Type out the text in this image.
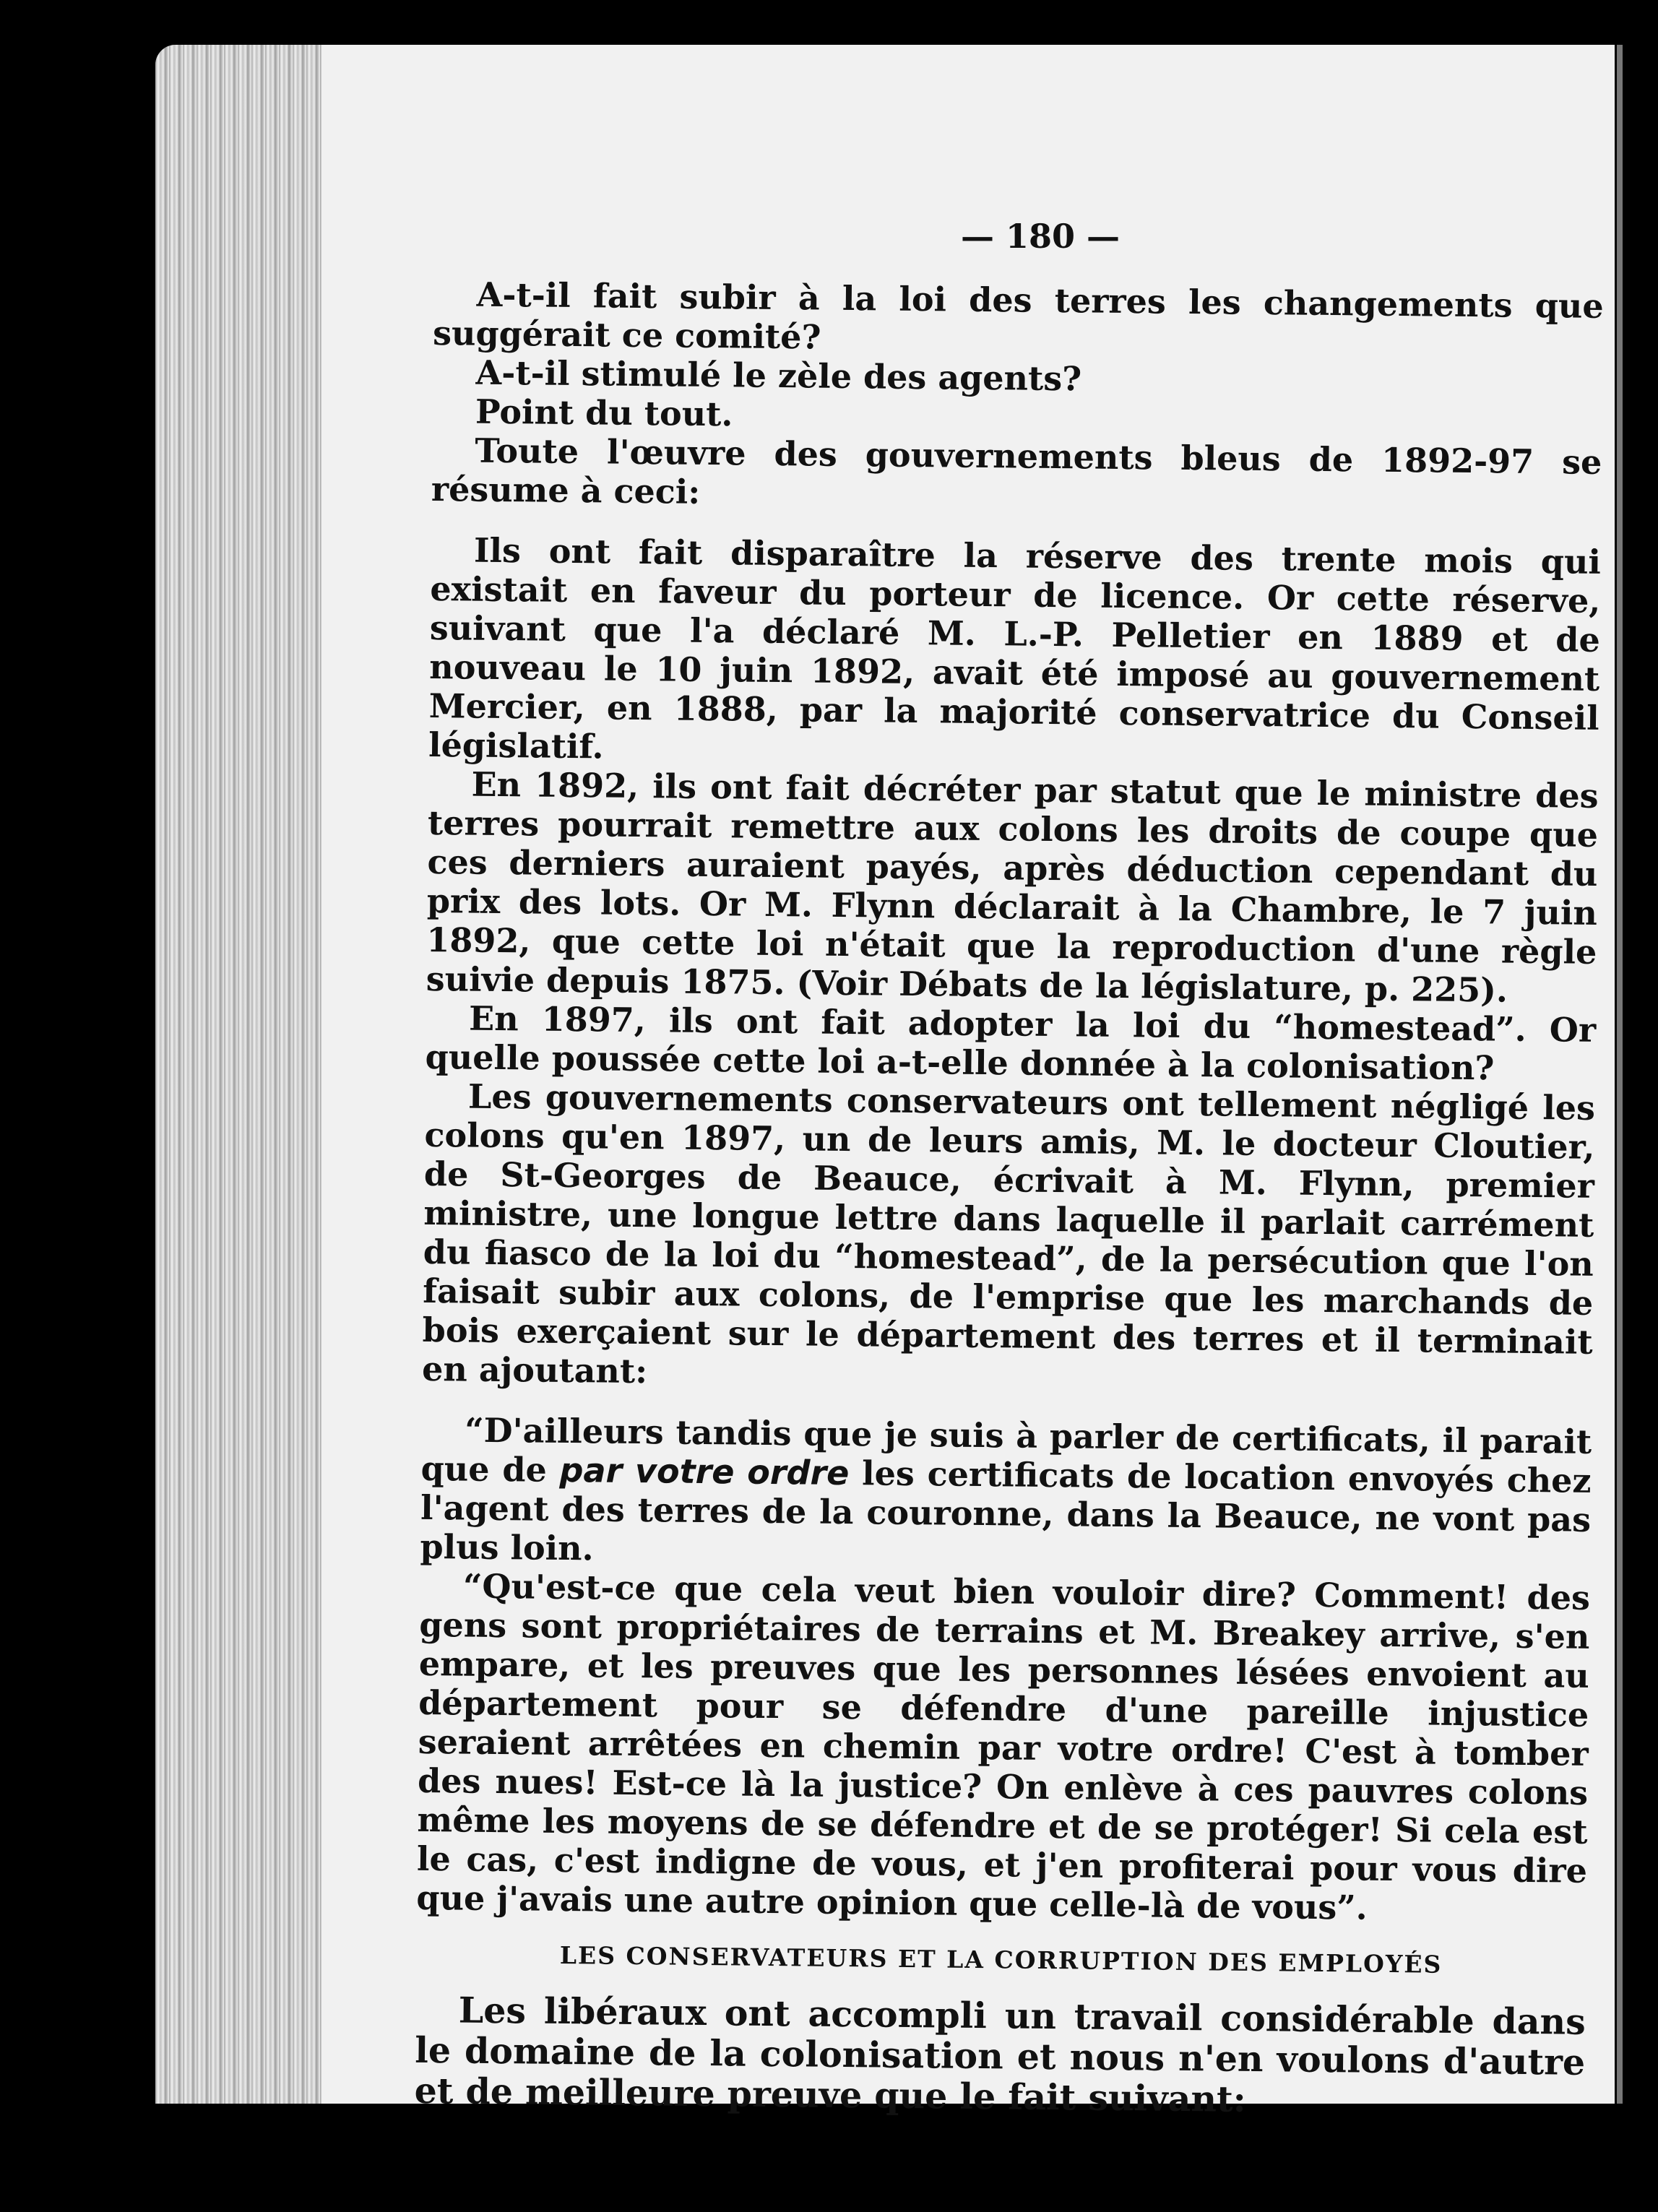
— 180 —

A-t-il fait subir à la loi des terres les changements que suggérait ce comité?

A-t-il stimulé le zèle des agents?

Point du tout.

Toute l'œuvre des gouvernements bleus de 1892-97 se résume à ceci:

Ils ont fait disparaître la réserve des trente mois qui existait en faveur du porteur de licence. Or cette réserve, suivant que l'a déclaré M. L.-P. Pelletier en 1889 et de nouveau le 10 juin 1892, avait été imposé au gouvernement Mercier, en 1888, par la majorité conservatrice du Conseil législatif.

En 1892, ils ont fait décréter par statut que le ministre des terres pourrait remettre aux colons les droits de coupe que ces derniers auraient payés, après déduction cependant du prix des lots. Or M. Flynn déclarait à la Chambre, le 7 juin 1892, que cette loi n'était que la reproduction d'une règle suivie depuis 1875. (Voir Débats de la législature, p. 225).

En 1897, ils ont fait adopter la loi du “homestead”. Or quelle poussée cette loi a-t-elle donnée à la colonisation?

Les gouvernements conservateurs ont tellement négligé les colons qu'en 1897, un de leurs amis, M. le docteur Cloutier, de St-Georges de Beauce, écrivait à M. Flynn, premier ministre, une longue lettre dans laquelle il parlait carrément du fiasco de la loi du “homestead”, de la persécution que l'on faisait subir aux colons, de l'emprise que les marchands de bois exerçaient sur le département des terres et il terminait en ajoutant:

“D'ailleurs tandis que je suis à parler de certificats, il parait que de par votre ordre les certificats de location envoyés chez l'agent des terres de la couronne, dans la Beauce, ne vont pas plus loin.

“Qu'est-ce que cela veut bien vouloir dire? Comment! des gens sont propriétaires de terrains et M. Breakey arrive, s'en empare, et les preuves que les personnes lésées envoient au département pour se défendre d'une pareille injustice seraient arrêtées en chemin par votre ordre! C'est à tomber des nues! Est-ce là la justice? On enlève à ces pauvres colons même les moyens de se défendre et de se protéger! Si cela est le cas, c'est indigne de vous, et j'en profiterai pour vous dire que j'avais une autre opinion que celle-là de vous”.

LES CONSERVATEURS ET LA CORRUPTION DES EMPLOYÉS

Les libéraux ont accompli un travail considérable dans le domaine de la colonisation et nous n'en voulons d'autre et de meilleure preuve que le fait suivant:
